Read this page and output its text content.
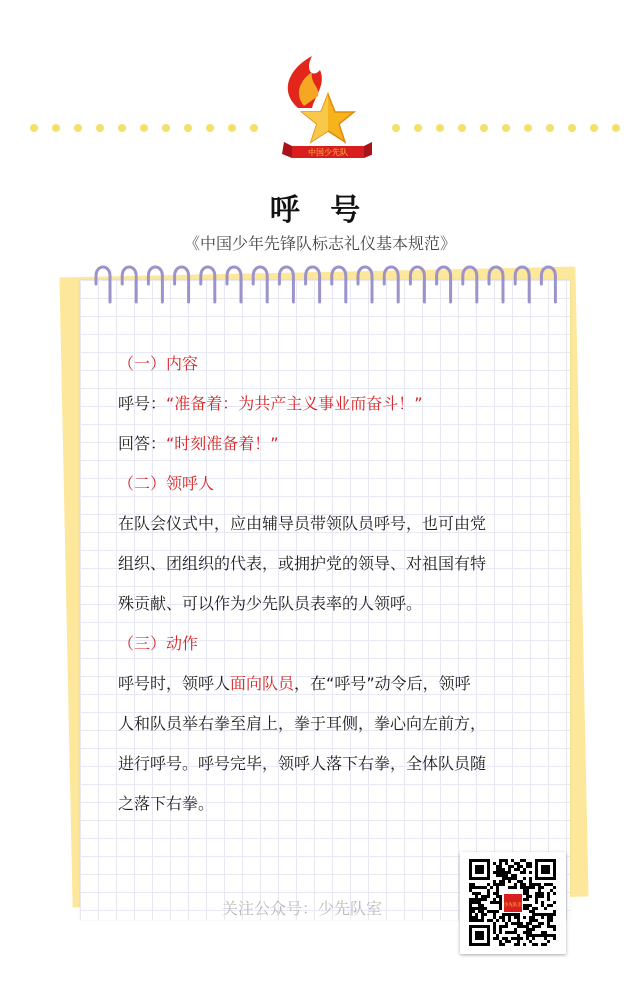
中国少先队
呼 号
《中国少年先锋队标志礼仪基本规范》
（一）内容
呼号：“准备着：为共产主义事业而奋斗！”
回答：“时刻准备着！”
（二）领呼人
在队会仪式中，应由辅导员带领队员呼号，也可由党
组织、团组织的代表，或拥护党的领导、对祖国有特
殊贡献、可以作为少先队员表率的人领呼。
（三）动作
呼号时，领呼人面向队员，在“呼号”动令后，领呼
人和队员举右拳至肩上，拳于耳侧，拳心向左前方，
进行呼号。呼号完毕，领呼人落下右拳，全体队员随
之落下右拳。
关注公众号：少先队室	少先队室
